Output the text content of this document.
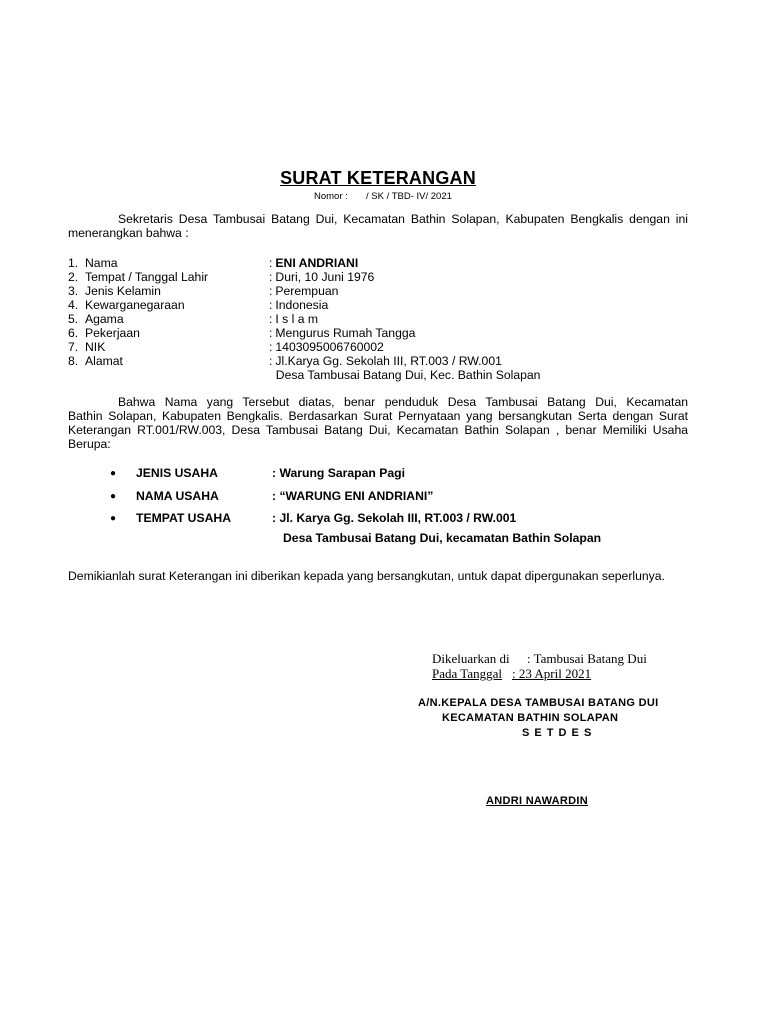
SURAT KETERANGAN
Nomor : / SK / TBD- IV/ 2021
Sekretaris Desa Tambusai Batang Dui, Kecamatan Bathin Solapan, Kabupaten Bengkalis dengan ini
menerangkan bahwa :
1. Nama	: ENI ANDRIANI
2. Tempat / Tanggal Lahir	: Duri, 10 Juni 1976
3. Jenis Kelamin	: Perempuan
4. Kewarganegaraan	: Indonesia
5. Agama	: I s l a m
6. Pekerjaan	: Mengurus Rumah Tangga
7. NIK	: 1403095006760002
8. Alamat	: Jl.Karya Gg. Sekolah III, RT.003 / RW.001
Desa Tambusai Batang Dui, Kec. Bathin Solapan
Bahwa Nama yang Tersebut diatas, benar penduduk Desa Tambusai Batang Dui, Kecamatan
Bathin Solapan, Kabupaten Bengkalis. Berdasarkan Surat Pernyataan yang bersangkutan Serta dengan Surat
Keterangan RT.001/RW.003, Desa Tambusai Batang Dui, Kecamatan Bathin Solapan , benar Memiliki Usaha
Berupa:
● JENIS USAHA	: Warung Sarapan Pagi
● NAMA USAHA	: “WARUNG ENI ANDRIANI”
● TEMPAT USAHA	: Jl. Karya Gg. Sekolah III, RT.003 / RW.001
Desa Tambusai Batang Dui, kecamatan Bathin Solapan
Demikianlah surat Keterangan ini diberikan kepada yang bersangkutan, untuk dapat dipergunakan seperlunya.
Dikeluarkan di : Tambusai Batang Dui
Pada Tanggal : 23 April 2021
A/N.KEPALA DESA TAMBUSAI BATANG DUI
KECAMATAN BATHIN SOLAPAN
S E T D E S
ANDRI NAWARDIN
